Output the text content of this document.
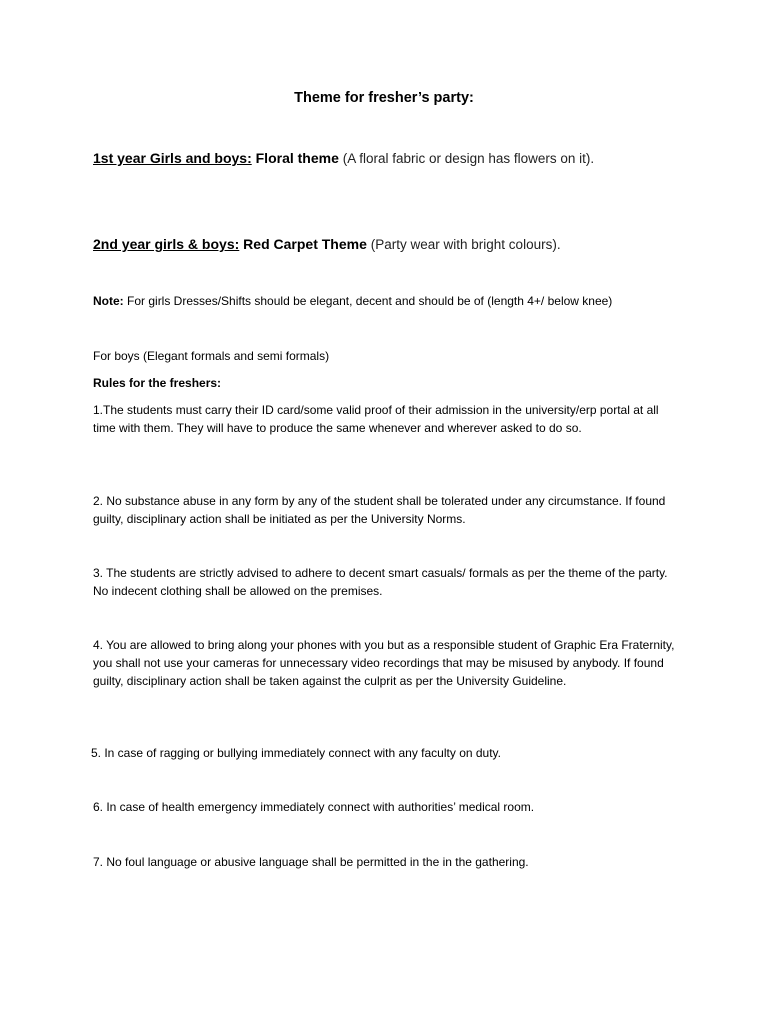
Theme for fresher’s party:
1st year Girls and boys: Floral theme (A floral fabric or design has flowers on it).
2nd year girls & boys: Red Carpet Theme (Party wear with bright colours).
Note: For girls Dresses/Shifts should be elegant, decent and should be of (length 4+/ below knee)
For boys (Elegant formals and semi formals)
Rules for the freshers:
1.The students must carry their ID card/some valid proof of their admission in the university/erp portal at all time with them. They will have to produce the same whenever and wherever asked to do so.
2. No substance abuse in any form by any of the student shall be tolerated under any circumstance. If found guilty, disciplinary action shall be initiated as per the University Norms.
3. The students are strictly advised to adhere to decent smart casuals/ formals as per the theme of the party. No indecent clothing shall be allowed on the premises.
4. You are allowed to bring along your phones with you but as a responsible student of Graphic Era Fraternity, you shall not use your cameras for unnecessary video recordings that may be misused by anybody. If found guilty, disciplinary action shall be taken against the culprit as per the University Guideline.
5. In case of ragging or bullying immediately connect with any faculty on duty.
6. In case of health emergency immediately connect with authorities’ medical room.
7. No foul language or abusive language shall be permitted in the in the gathering.
